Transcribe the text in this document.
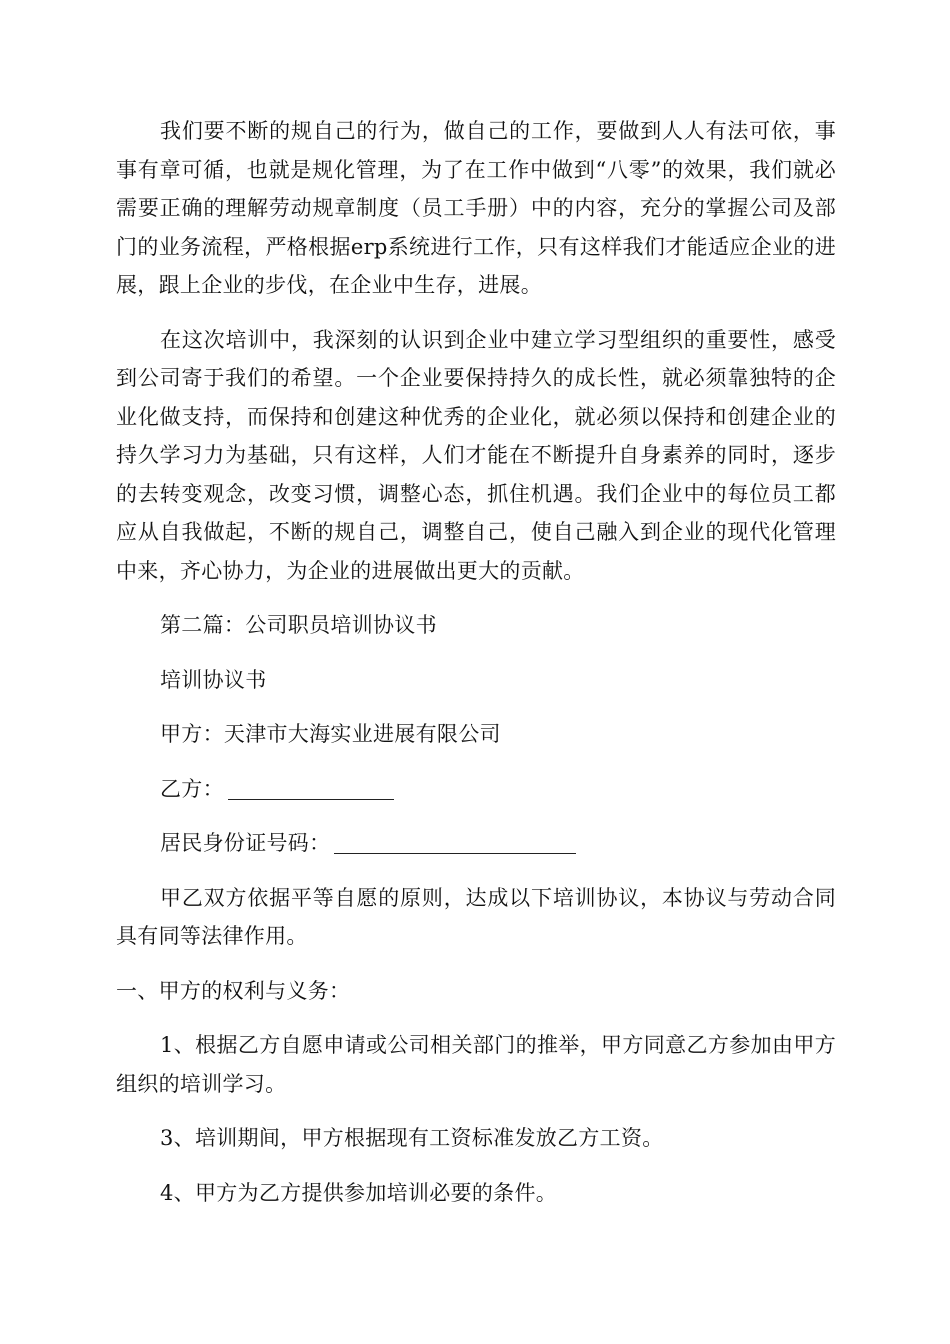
我们要不断的规自己的行为，做自己的工作，要做到人人有法可依，事事有章可循，也就是规化管理，为了在工作中做到“八零”的效果，我们就必需要正确的理解劳动规章制度（员工手册）中的内容，充分的掌握公司及部门的业务流程，严格根据erp系统进行工作，只有这样我们才能适应企业的进展，跟上企业的步伐，在企业中生存，进展。

在这次培训中，我深刻的认识到企业中建立学习型组织的重要性，感受到公司寄于我们的希望。一个企业要保持持久的成长性，就必须靠独特的企业化做支持，而保持和创建这种优秀的企业化，就必须以保持和创建企业的持久学习力为基础，只有这样，人们才能在不断提升自身素养的同时，逐步的去转变观念，改变习惯，调整心态，抓住机遇。我们企业中的每位员工都应从自我做起，不断的规自己，调整自己，使自己融入到企业的现代化管理中来，齐心协力，为企业的进展做出更大的贡献。

第二篇：公司职员培训协议书

培训协议书

甲方：天津市大海实业进展有限公司

乙方：

居民身份证号码：

甲乙双方依据平等自愿的原则，达成以下培训协议，本协议与劳动合同具有同等法律作用。

一、甲方的权利与义务：

1、根据乙方自愿申请或公司相关部门的推举，甲方同意乙方参加由甲方组织的培训学习。

3、培训期间，甲方根据现有工资标准发放乙方工资。

4、甲方为乙方提供参加培训必要的条件。
